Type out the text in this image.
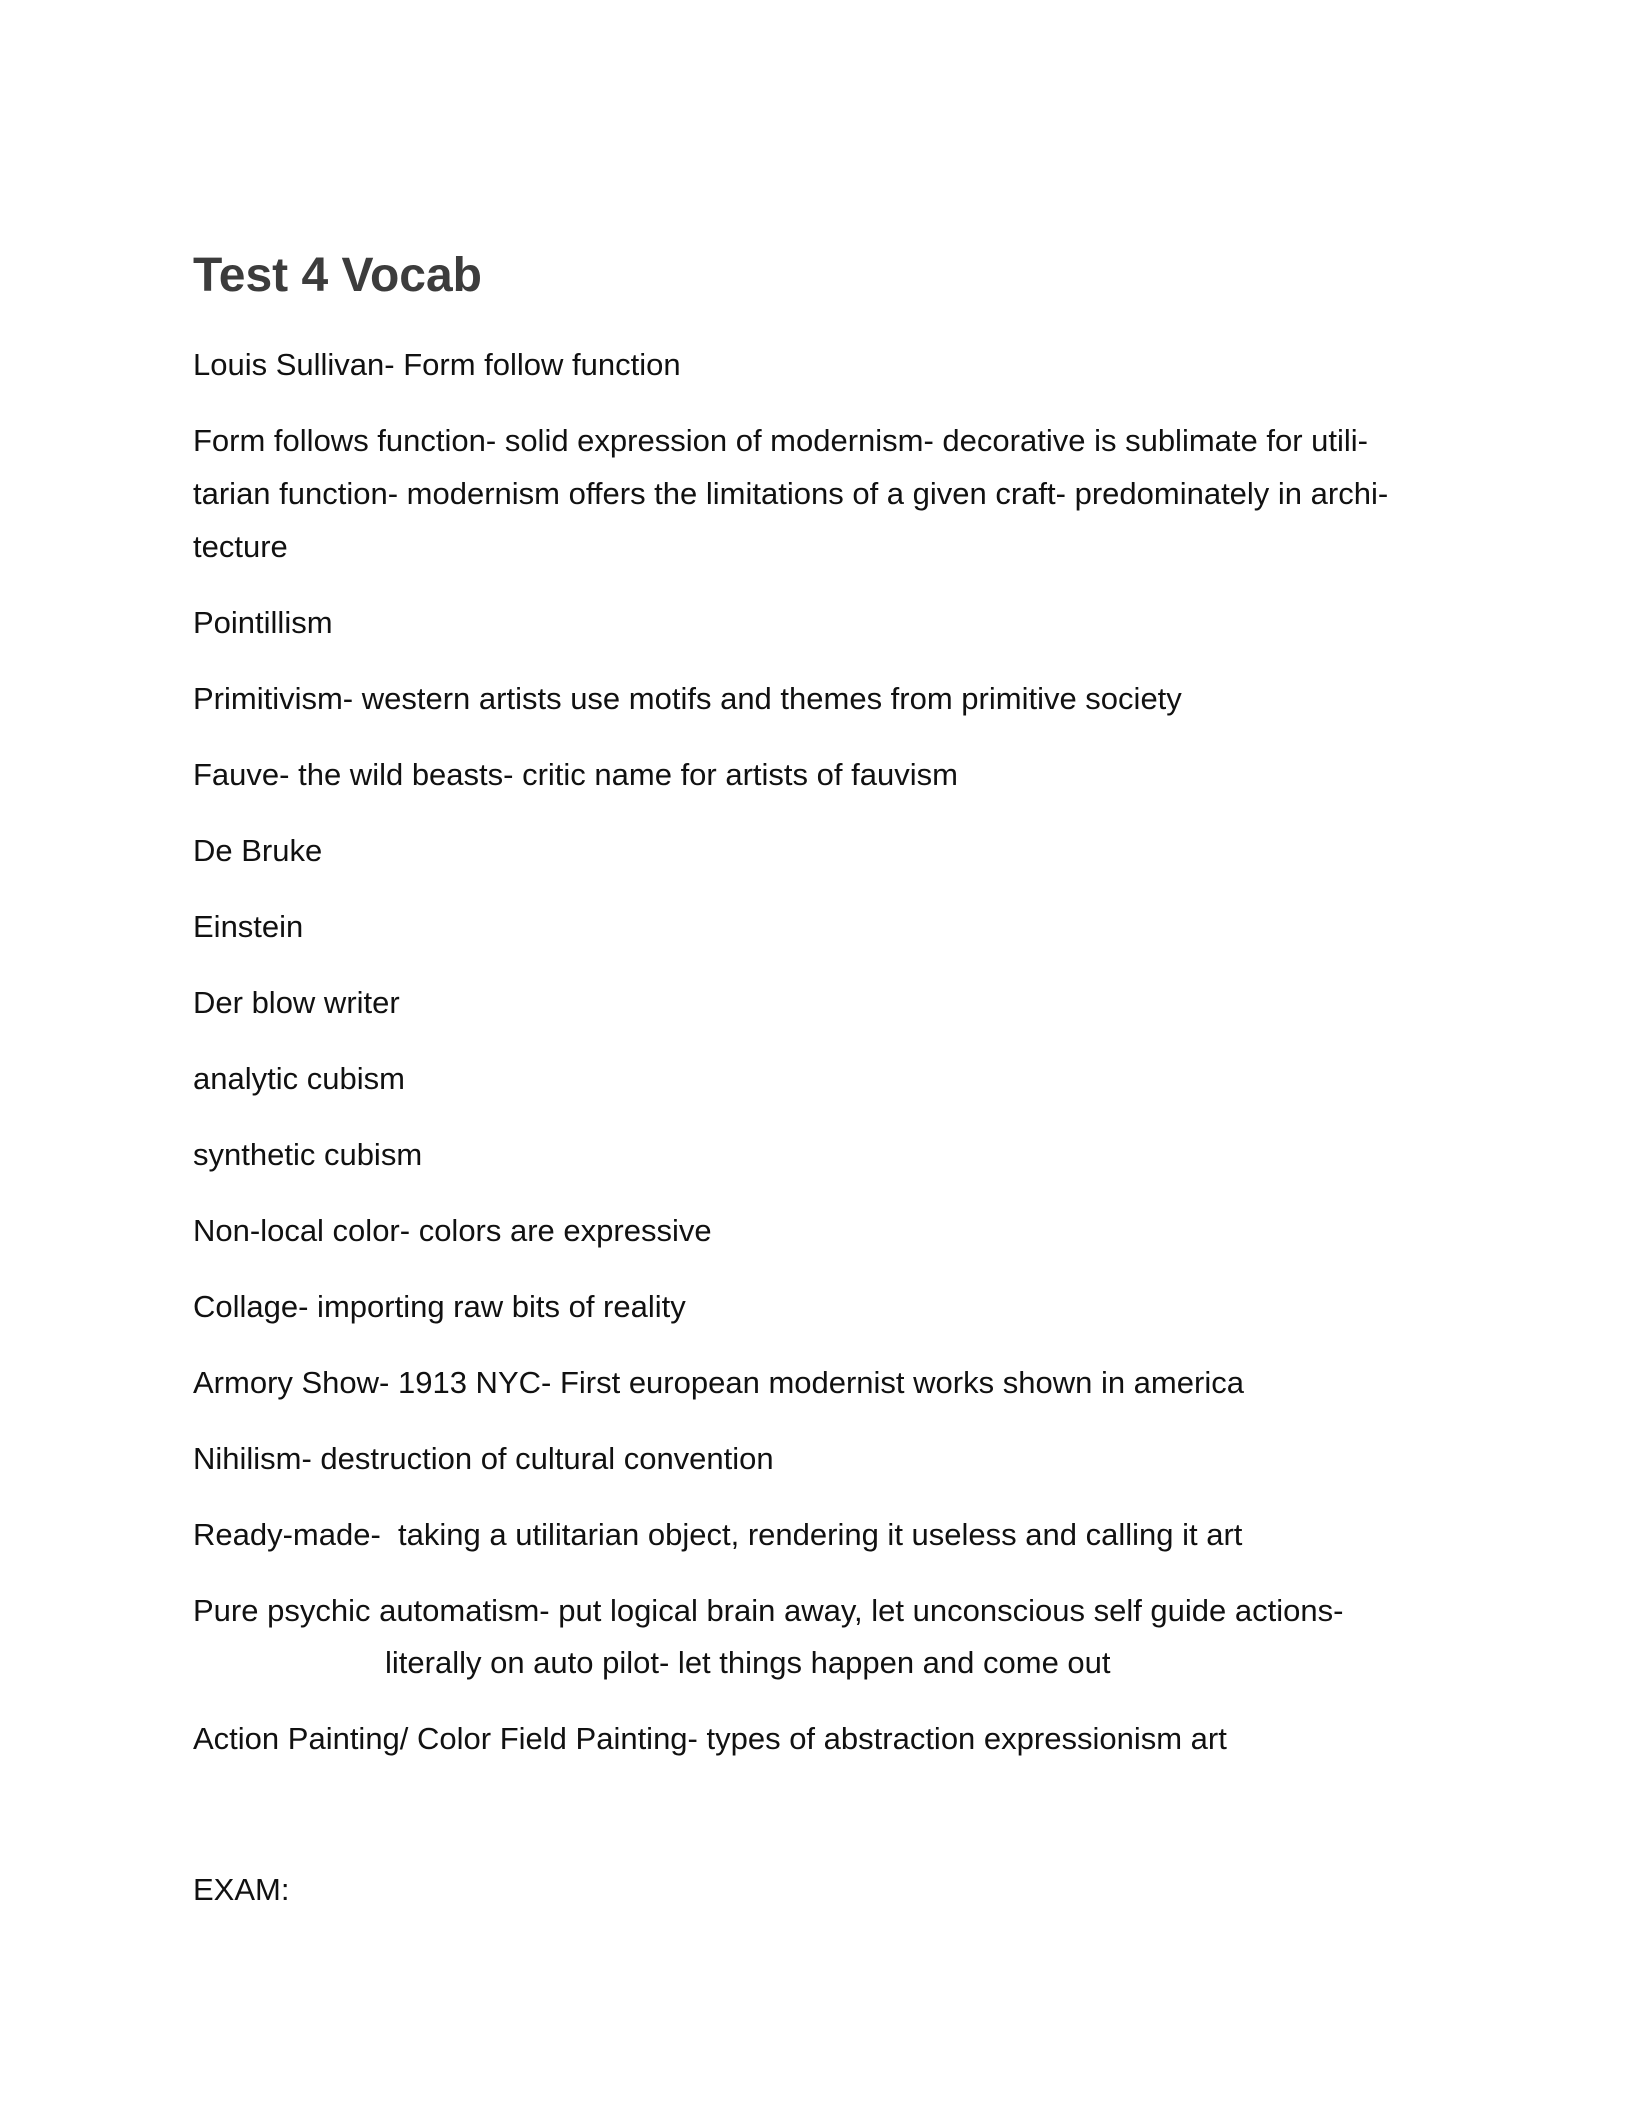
Test 4 Vocab

Louis Sullivan- Form follow function

Form follows function- solid expression of modernism- decorative is sublimate for utili-
tarian function- modernism offers the limitations of a given craft- predominately in archi-
tecture

Pointillism

Primitivism- western artists use motifs and themes from primitive society

Fauve- the wild beasts- critic name for artists of fauvism

De Bruke

Einstein

Der blow writer

analytic cubism

synthetic cubism

Non-local color- colors are expressive

Collage- importing raw bits of reality

Armory Show- 1913 NYC- First european modernist works shown in america

Nihilism- destruction of cultural convention

Ready-made-  taking a utilitarian object, rendering it useless and calling it art

Pure psychic automatism- put logical brain away, let unconscious self guide actions-
literally on auto pilot- let things happen and come out

Action Painting/ Color Field Painting- types of abstraction expressionism art

EXAM:
